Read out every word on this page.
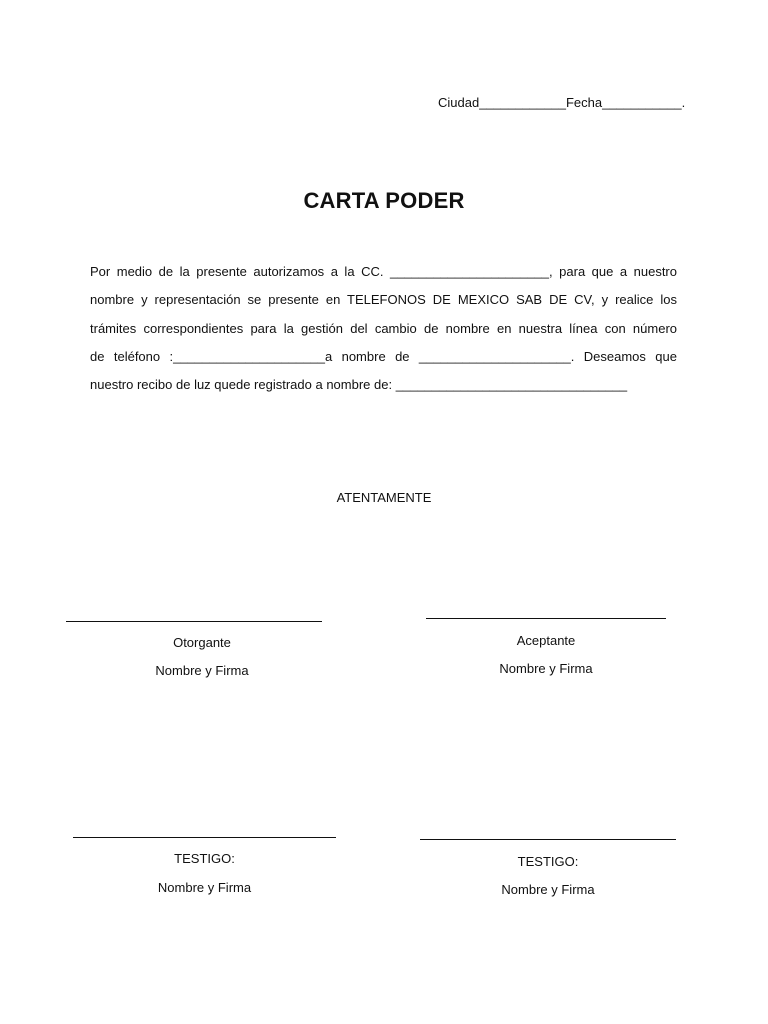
Ciudad____________Fecha___________.
CARTA PODER
Por medio de la presente autorizamos a la CC. ______________________, para que a nuestro
nombre y representación se presente en TELEFONOS DE MEXICO SAB DE CV, y realice los
trámites correspondientes para la gestión del cambio de nombre en nuestra línea con número
de teléfono :_____________________a nombre de _____________________. Deseamos que
nuestro recibo de luz quede registrado a nombre de: ________________________________
ATENTAMENTE
Otorgante
Nombre y Firma
Aceptante
Nombre y Firma
TESTIGO:
Nombre y Firma
TESTIGO:
Nombre y Firma
